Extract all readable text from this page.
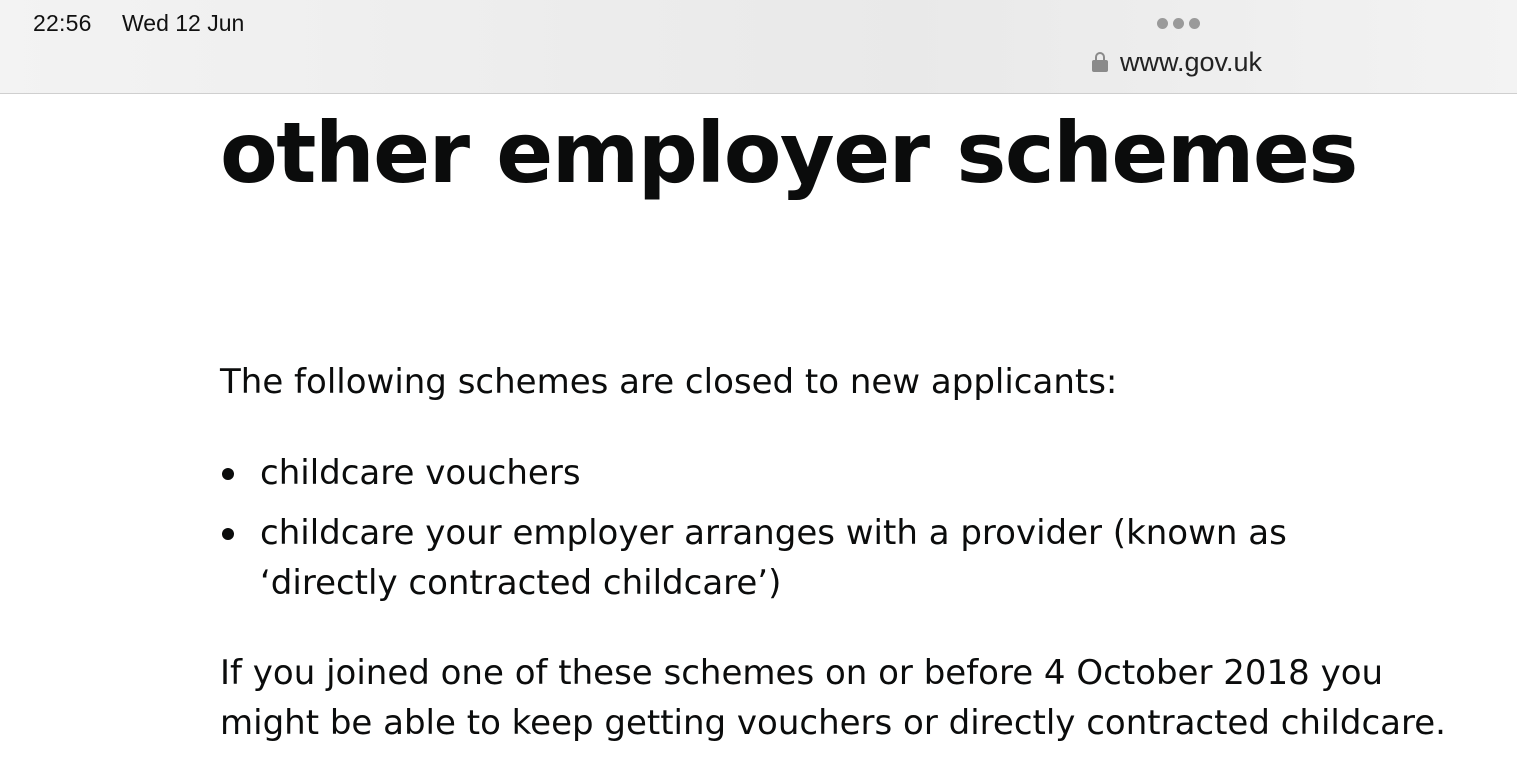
22:56 Wed 12 Jun
www.gov.uk
other employer schemes

The following schemes are closed to new applicants:

childcare vouchers
childcare your employer arranges with a provider (known as ‘directly contracted childcare’)

If you joined one of these schemes on or before 4 October 2018 you might be able to keep getting vouchers or directly contracted childcare.
